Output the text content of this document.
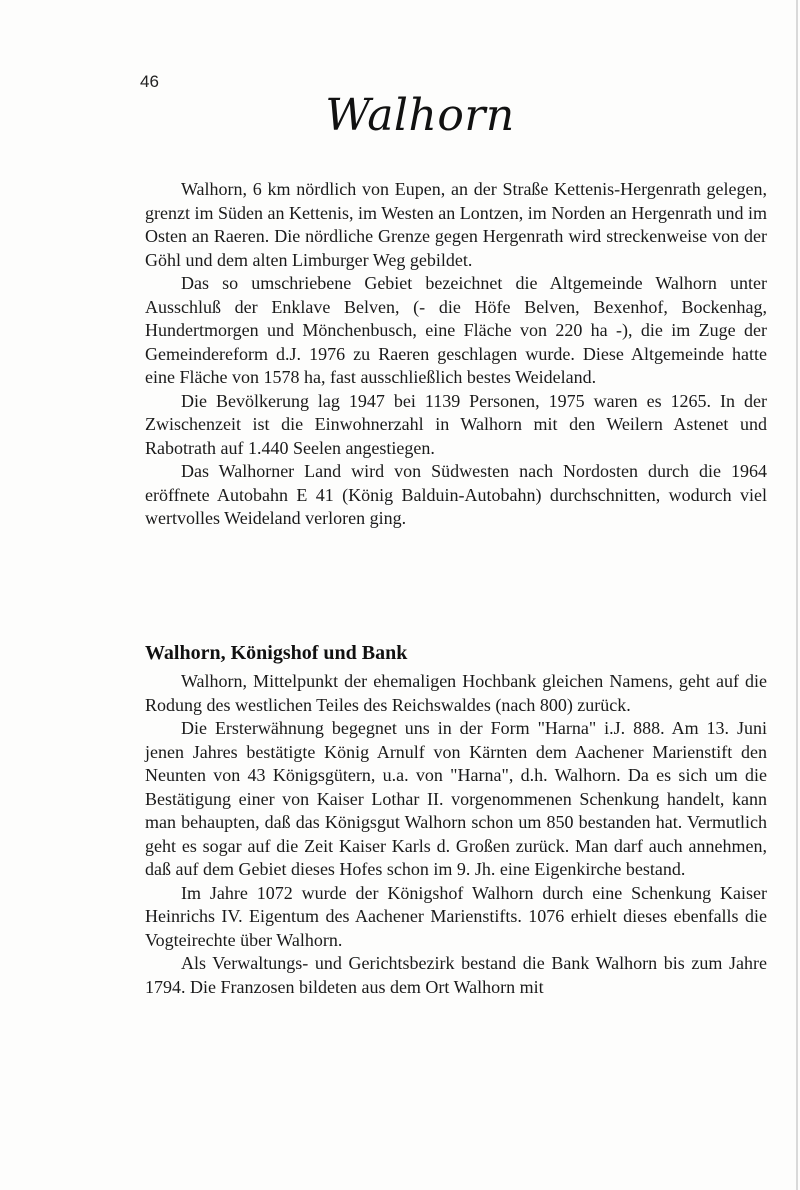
46
Walhorn

Walhorn, 6 km nördlich von Eupen, an der Straße Kettenis-Hergenrath gelegen, grenzt im Süden an Kettenis, im Westen an Lontzen, im Norden an Hergenrath und im Osten an Raeren. Die nördliche Grenze gegen Hergenrath wird streckenweise von der Göhl und dem alten Limburger Weg gebildet.

Das so umschriebene Gebiet bezeichnet die Altgemeinde Walhorn unter Ausschluß der Enklave Belven, (- die Höfe Belven, Bexenhof, Bockenhag, Hundertmorgen und Mönchenbusch, eine Fläche von 220 ha -), die im Zuge der Gemeindereform d.J. 1976 zu Raeren geschlagen wurde. Diese Altgemeinde hatte eine Fläche von 1578 ha, fast ausschließlich bestes Weideland.

Die Bevölkerung lag 1947 bei 1139 Personen, 1975 waren es 1265. In der Zwischenzeit ist die Einwohnerzahl in Walhorn mit den Weilern Astenet und Rabotrath auf 1.440 Seelen angestiegen.

Das Walhorner Land wird von Südwesten nach Nordosten durch die 1964 eröffnete Autobahn E 41 (König Balduin-Autobahn) durchschnitten, wodurch viel wertvolles Weideland verloren ging.

Walhorn, Königshof und Bank

Walhorn, Mittelpunkt der ehemaligen Hochbank gleichen Namens, geht auf die Rodung des westlichen Teiles des Reichswaldes (nach 800) zurück.

Die Ersterwähnung begegnet uns in der Form "Harna" i.J. 888. Am 13. Juni jenen Jahres bestätigte König Arnulf von Kärnten dem Aachener Marienstift den Neunten von 43 Königsgütern, u.a. von "Harna", d.h. Walhorn. Da es sich um die Bestätigung einer von Kaiser Lothar II. vorgenommenen Schenkung handelt, kann man behaupten, daß das Königsgut Walhorn schon um 850 bestanden hat. Vermutlich geht es sogar auf die Zeit Kaiser Karls d. Großen zurück. Man darf auch annehmen, daß auf dem Gebiet dieses Hofes schon im 9. Jh. eine Eigenkirche bestand.

Im Jahre 1072 wurde der Königshof Walhorn durch eine Schenkung Kaiser Heinrichs IV. Eigentum des Aachener Marienstifts. 1076 erhielt dieses ebenfalls die Vogteirechte über Walhorn.

Als Verwaltungs- und Gerichtsbezirk bestand die Bank Walhorn bis zum Jahre 1794. Die Franzosen bildeten aus dem Ort Walhorn mit
